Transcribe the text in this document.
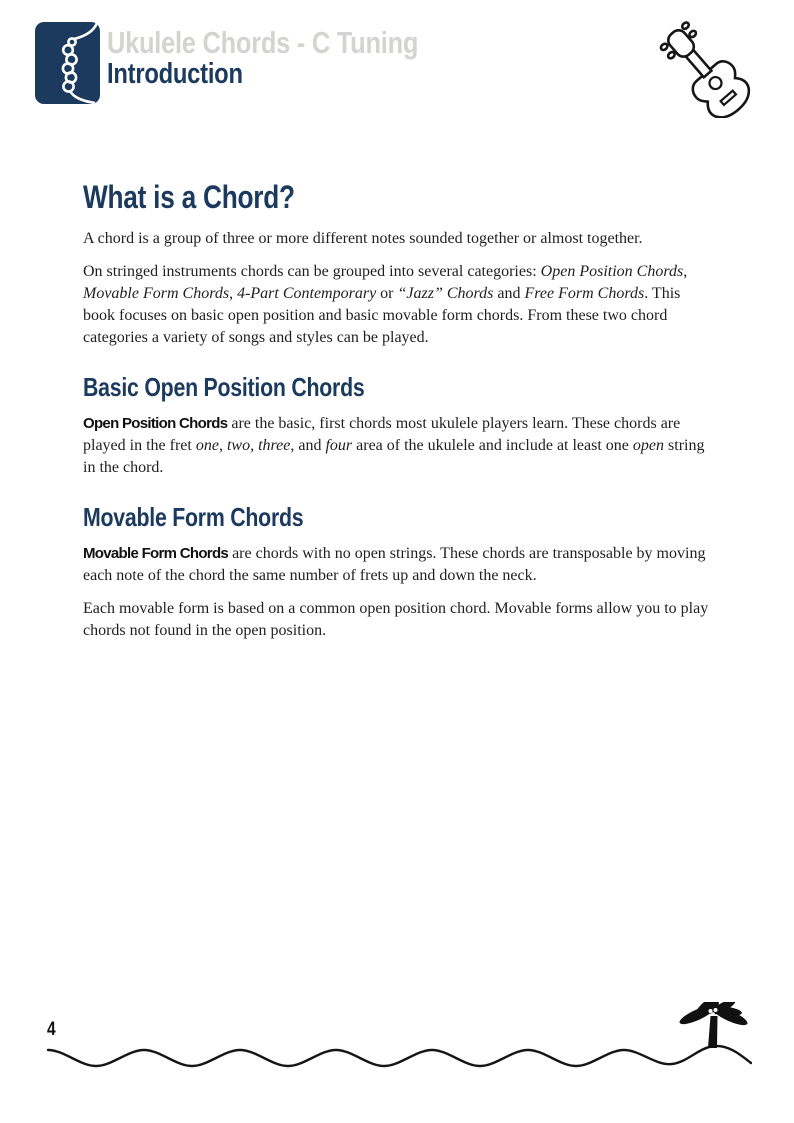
Ukulele Chords - C Tuning
Introduction
What is a Chord?

A chord is a group of three or more different notes sounded together or almost together.

On stringed instruments chords can be grouped into several categories: Open Position Chords, Movable Form Chords, 4-Part Contemporary or “Jazz” Chords and Free Form Chords. This book focuses on basic open position and basic movable form chords. From these two chord categories a variety of songs and styles can be played.

Basic Open Position Chords

Open Position Chords are the basic, first chords most ukulele players learn. These chords are played in the fret one, two, three, and four area of the ukulele and include at least one open string in the chord.

Movable Form Chords

Movable Form Chords are chords with no open strings. These chords are transposable by moving each note of the chord the same number of frets up and down the neck.

Each movable form is based on a common open position chord. Movable forms allow you to play chords not found in the open position.

4
